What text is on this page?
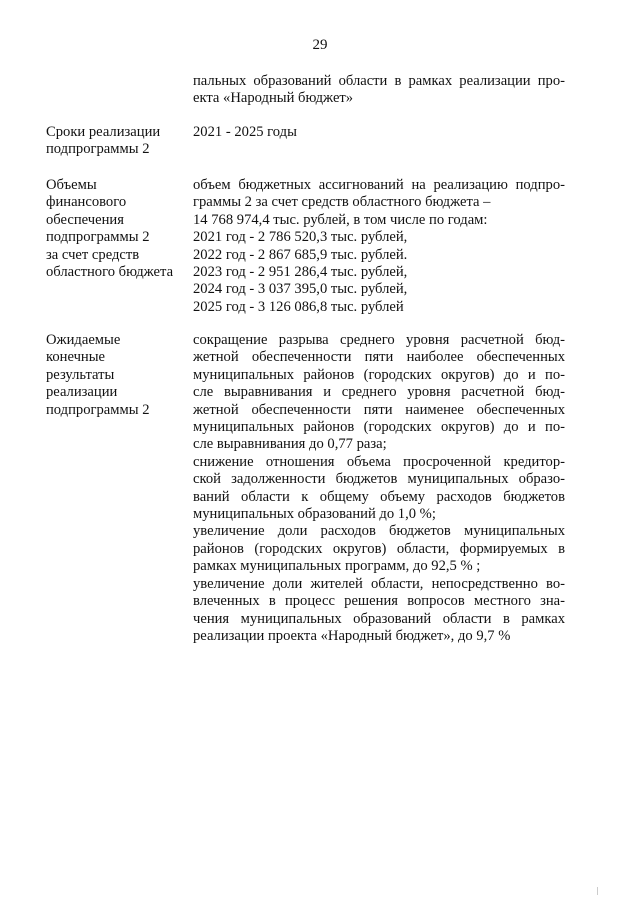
29
пальных образований области в рамках реализации про-
екта «Народный бюджет»
Сроки реализации
подпрограммы 2
2021 - 2025 годы
Объемы
финансового
обеспечения
подпрограммы 2
за счет средств
областного бюджета
объем бюджетных ассигнований на реализацию подпро-
граммы 2 за счет средств областного бюджета –
14 768 974,4 тыс. рублей, в том числе по годам:
2021 год - 2 786 520,3 тыс. рублей,
2022 год - 2 867 685,9 тыс. рублей.
2023 год - 2 951 286,4 тыс. рублей,
2024 год - 3 037 395,0 тыс. рублей,
2025 год - 3 126 086,8 тыс. рублей
Ожидаемые
конечные
результаты
реализации
подпрограммы 2
сокращение разрыва среднего уровня расчетной бюд-
жетной обеспеченности пяти наиболее обеспеченных
муниципальных районов (городских округов) до и по-
сле выравнивания и среднего уровня расчетной бюд-
жетной обеспеченности пяти наименее обеспеченных
муниципальных районов (городских округов) до и по-
сле выравнивания до 0,77 раза;
снижение отношения объема просроченной кредитор-
ской задолженности бюджетов муниципальных образо-
ваний области к общему объему расходов бюджетов
муниципальных образований до 1,0 %;
увеличение доли расходов бюджетов муниципальных
районов (городских округов) области, формируемых в
рамках муниципальных программ, до 92,5 % ;
увеличение доли жителей области, непосредственно во-
влеченных в процесс решения вопросов местного зна-
чения муниципальных образований области в рамках
реализации проекта «Народный бюджет», до 9,7 %
